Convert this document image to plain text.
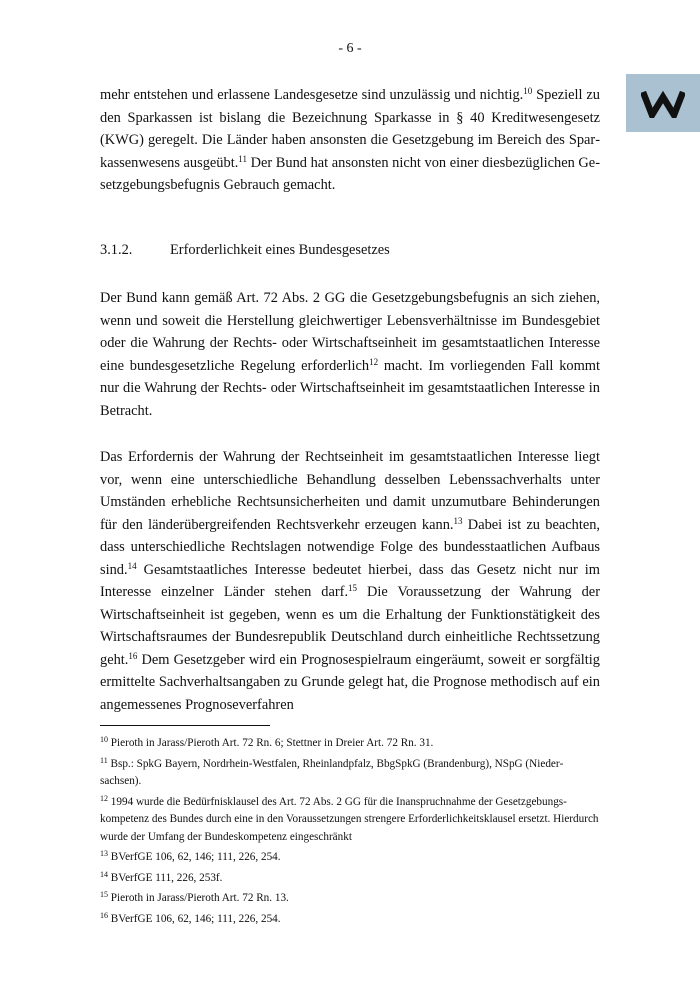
- 6 -

mehr entstehen und erlassene Landesgesetze sind unzulässig und nichtig.$^{10}$ Speziell zu den Sparkassen ist bislang die Bezeichnung Sparkasse in § 40 Kreditwesengesetz (KWG) geregelt. Die Länder haben ansonsten die Gesetzgebung im Bereich des Sparkassenwesens ausgeübt.$^{11}$ Der Bund hat ansonsten nicht von einer diesbezüglichen Gesetzgebungsbefugnis Gebrauch gemacht.

3.1.2.	Erforderlichkeit eines Bundesgesetzes

Der Bund kann gemäß Art. 72 Abs. 2 GG die Gesetzgebungsbefugnis an sich ziehen, wenn und soweit die Herstellung gleichwertiger Lebensverhältnisse im Bundesgebiet oder die Wahrung der Rechts- oder Wirtschaftseinheit im gesamtstaatlichen Interesse eine bundesgesetzliche Regelung erforderlich$^{12}$ macht. Im vorliegenden Fall kommt nur die Wahrung der Rechts- oder Wirtschaftseinheit im gesamtstaatlichen Interesse in Betracht.

Das Erfordernis der Wahrung der Rechtseinheit im gesamtstaatlichen Interesse liegt vor, wenn eine unterschiedliche Behandlung desselben Lebenssachverhalts unter Umständen erhebliche Rechtsunsicherheiten und damit unzumutbare Behinderungen für den länderübergreifenden Rechtsverkehr erzeugen kann.$^{13}$ Dabei ist zu beachten, dass unterschiedliche Rechtslagen notwendige Folge des bundesstaatlichen Aufbaus sind.$^{14}$ Gesamtstaatliches Interesse bedeutet hierbei, dass das Gesetz nicht nur im Interesse einzelner Länder stehen darf.$^{15}$ Die Voraussetzung der Wahrung der Wirtschaftseinheit ist gegeben, wenn es um die Erhaltung der Funktionstätigkeit des Wirtschaftsraumes der Bundesrepublik Deutschland durch einheitliche Rechtssetzung geht.$^{16}$ Dem Gesetzgeber wird ein Prognosespielraum eingeräumt, soweit er sorgfältig ermittelte Sachverhaltsangaben zu Grunde gelegt hat, die Prognose methodisch auf ein angemessenes Prognoseverfahren

$^{10}$ Pieroth in Jarass/Pieroth Art. 72 Rn. 6; Stettner in Dreier Art. 72 Rn. 31.
$^{11}$ Bsp.: SpkG Bayern, Nordrhein-Westfalen, Rheinlandpfalz, BbgSpkG (Brandenburg), NSpG (Niedersachsen).
$^{12}$ 1994 wurde die Bedürfnisklausel des Art. 72 Abs. 2 GG für die Inanspruchnahme der Gesetzgebungskompetenz des Bundes durch eine in den Voraussetzungen strengere Erforderlichkeitsklausel ersetzt. Hierdurch wurde der Umfang der Bundeskompetenz eingeschränkt
$^{13}$ BVerfGE 106, 62, 146; 111, 226, 254.
$^{14}$ BVerfGE 111, 226, 253f.
$^{15}$ Pieroth in Jarass/Pieroth Art. 72 Rn. 13.
$^{16}$ BVerfGE 106, 62, 146; 111, 226, 254.
